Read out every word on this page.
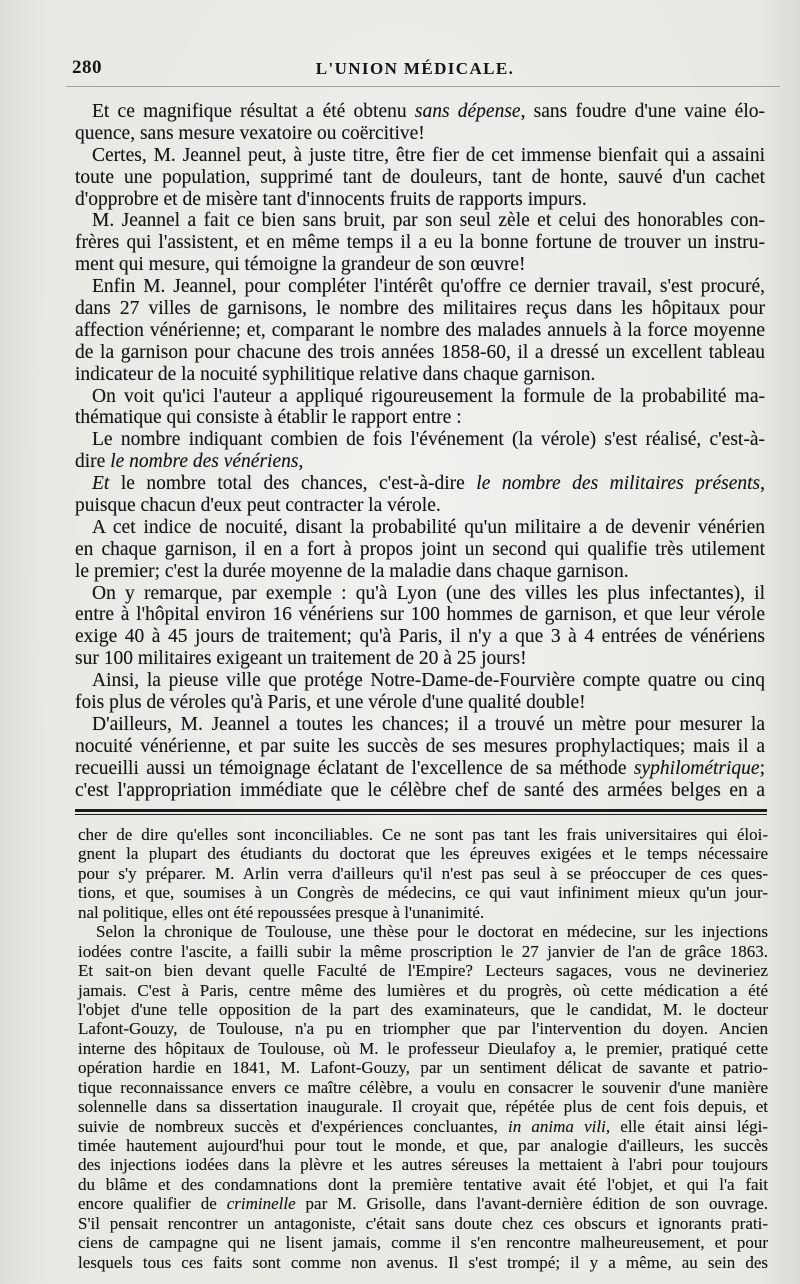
280	L'UNION MÉDICALE.
Et ce magnifique résultat a été obtenu sans dépense, sans foudre d'une vaine élo-
quence, sans mesure vexatoire ou coërcitive!
Certes, M. Jeannel peut, à juste titre, être fier de cet immense bienfait qui a assaini
toute une population, supprimé tant de douleurs, tant de honte, sauvé d'un cachet
d'opprobre et de misère tant d'innocents fruits de rapports impurs.
M. Jeannel a fait ce bien sans bruit, par son seul zèle et celui des honorables con-
frères qui l'assistent, et en même temps il a eu la bonne fortune de trouver un instru-
ment qui mesure, qui témoigne la grandeur de son œuvre!
Enfin M. Jeannel, pour compléter l'intérêt qu'offre ce dernier travail, s'est procuré,
dans 27 villes de garnisons, le nombre des militaires reçus dans les hôpitaux pour
affection vénérienne; et, comparant le nombre des malades annuels à la force moyenne
de la garnison pour chacune des trois années 1858-60, il a dressé un excellent tableau
indicateur de la nocuité syphilitique relative dans chaque garnison.
On voit qu'ici l'auteur a appliqué rigoureusement la formule de la probabilité ma-
thématique qui consiste à établir le rapport entre :
Le nombre indiquant combien de fois l'événement (la vérole) s'est réalisé, c'est-à-
dire le nombre des vénériens,
Et le nombre total des chances, c'est-à-dire le nombre des militaires présents,
puisque chacun d'eux peut contracter la vérole.
A cet indice de nocuité, disant la probabilité qu'un militaire a de devenir vénérien
en chaque garnison, il en a fort à propos joint un second qui qualifie très utilement
le premier; c'est la durée moyenne de la maladie dans chaque garnison.
On y remarque, par exemple : qu'à Lyon (une des villes les plus infectantes), il
entre à l'hôpital environ 16 vénériens sur 100 hommes de garnison, et que leur vérole
exige 40 à 45 jours de traitement; qu'à Paris, il n'y a que 3 à 4 entrées de vénériens
sur 100 militaires exigeant un traitement de 20 à 25 jours!
Ainsi, la pieuse ville que protége Notre-Dame-de-Fourvière compte quatre ou cinq
fois plus de véroles qu'à Paris, et une vérole d'une qualité double!
D'ailleurs, M. Jeannel a toutes les chances; il a trouvé un mètre pour mesurer la
nocuité vénérienne, et par suite les succès de ses mesures prophylactiques; mais il a
recueilli aussi un témoignage éclatant de l'excellence de sa méthode syphilométrique;
c'est l'appropriation immédiate que le célèbre chef de santé des armées belges en a
cher de dire qu'elles sont inconciliables. Ce ne sont pas tant les frais universitaires qui éloi-
gnent la plupart des étudiants du doctorat que les épreuves exigées et le temps nécessaire
pour s'y préparer. M. Arlin verra d'ailleurs qu'il n'est pas seul à se préoccuper de ces ques-
tions, et que, soumises à un Congrès de médecins, ce qui vaut infiniment mieux qu'un jour-
nal politique, elles ont été repoussées presque à l'unanimité.
Selon la chronique de Toulouse, une thèse pour le doctorat en médecine, sur les injections
iodées contre l'ascite, a failli subir la même proscription le 27 janvier de l'an de grâce 1863.
Et sait-on bien devant quelle Faculté de l'Empire? Lecteurs sagaces, vous ne devineriez
jamais. C'est à Paris, centre même des lumières et du progrès, où cette médication a été
l'objet d'une telle opposition de la part des examinateurs, que le candidat, M. le docteur
Lafont-Gouzy, de Toulouse, n'a pu en triompher que par l'intervention du doyen. Ancien
interne des hôpitaux de Toulouse, où M. le professeur Dieulafoy a, le premier, pratiqué cette
opération hardie en 1841, M. Lafont-Gouzy, par un sentiment délicat de savante et patrio-
tique reconnaissance envers ce maître célèbre, a voulu en consacrer le souvenir d'une manière
solennelle dans sa dissertation inaugurale. Il croyait que, répétée plus de cent fois depuis, et
suivie de nombreux succès et d'expériences concluantes, in anima vili, elle était ainsi légi-
timée hautement aujourd'hui pour tout le monde, et que, par analogie d'ailleurs, les succès
des injections iodées dans la plèvre et les autres séreuses la mettaient à l'abri pour toujours
du blâme et des condamnations dont la première tentative avait été l'objet, et qui l'a fait
encore qualifier de criminelle par M. Grisolle, dans l'avant-dernière édition de son ouvrage.
S'il pensait rencontrer un antagoniste, c'était sans doute chez ces obscurs et ignorants prati-
ciens de campagne qui ne lisent jamais, comme il s'en rencontre malheureusement, et pour
lesquels tous ces faits sont comme non avenus. Il s'est trompé; il y a même, au sein des
